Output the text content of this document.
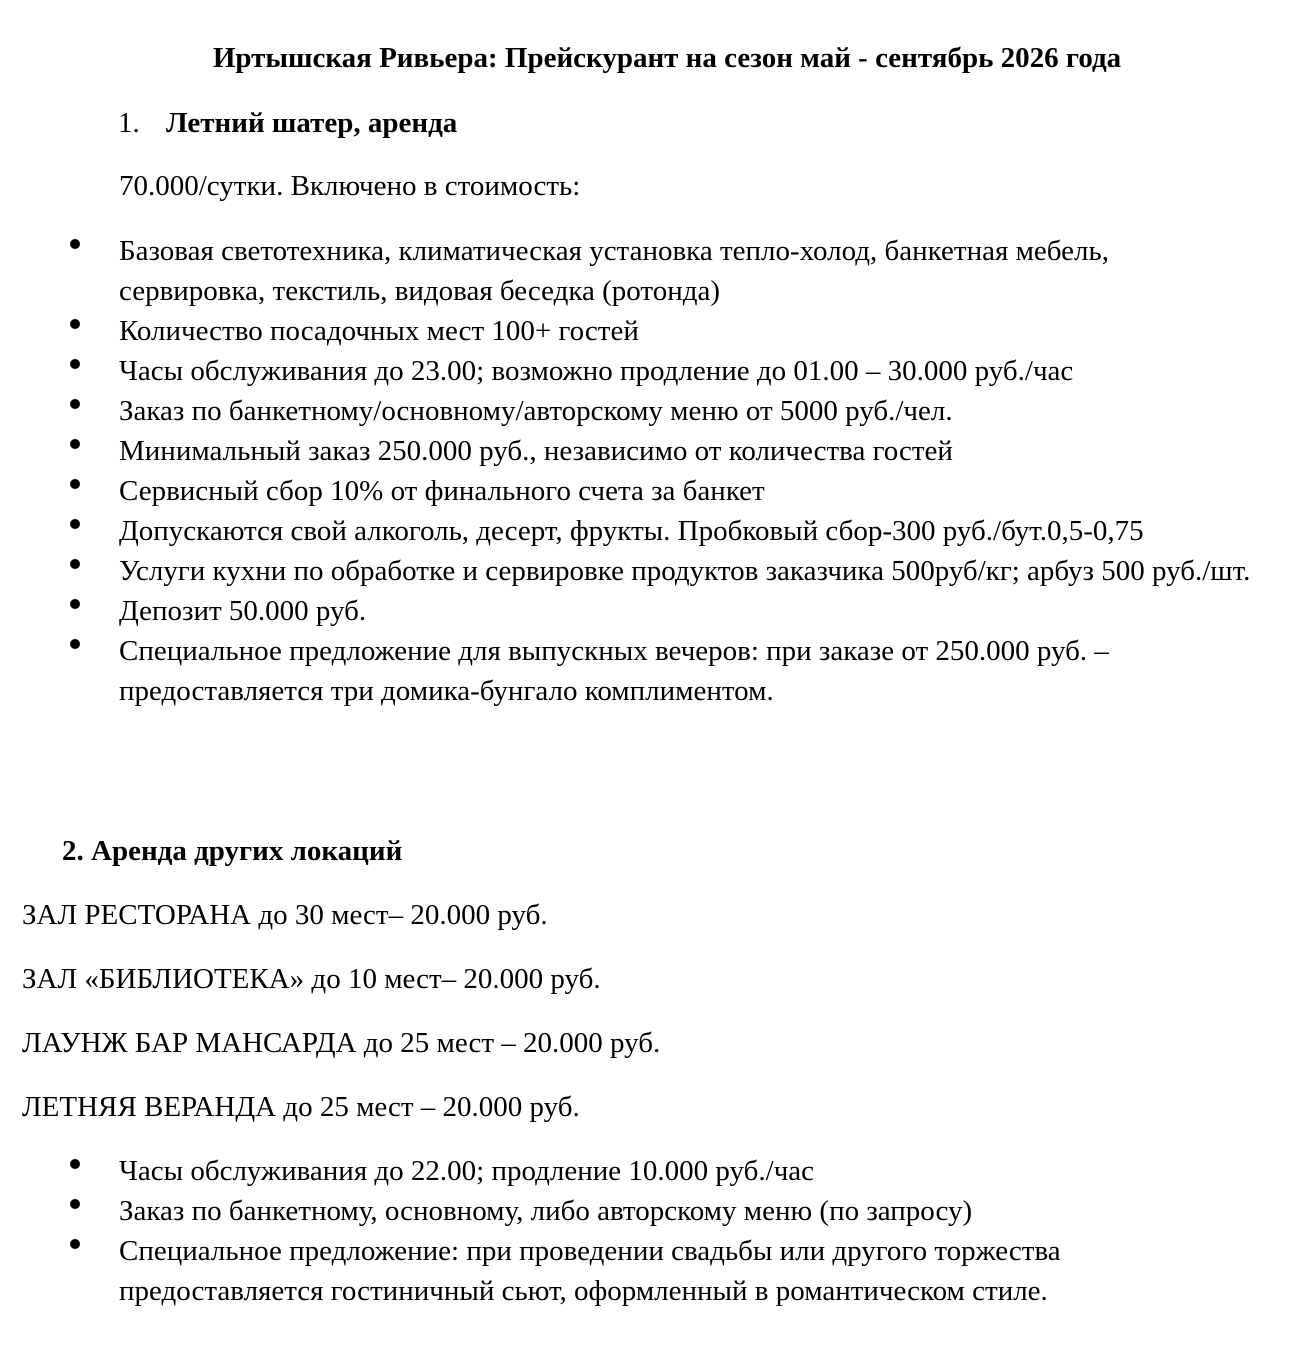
Иртышская Ривьера: Прейскурант на сезон май - сентябрь 2026 года

1. Летний шатер, аренда

70.000/сутки. Включено в стоимость:

Базовая светотехника, климатическая установка тепло-холод, банкетная мебель, сервировка, текстиль, видовая беседка (ротонда)
Количество посадочных мест 100+ гостей
Часы обслуживания до 23.00; возможно продление до 01.00 – 30.000 руб./час
Заказ по банкетному/основному/авторскому меню от 5000 руб./чел.
Минимальный заказ 250.000 руб., независимо от количества гостей
Сервисный сбор 10% от финального счета за банкет
Допускаются свой алкоголь, десерт, фрукты. Пробковый сбор-300 руб./бут.0,5-0,75
Услуги кухни по обработке и сервировке продуктов заказчика 500руб/кг; арбуз 500 руб./шт.
Депозит 50.000 руб.
Специальное предложение для выпускных вечеров: при заказе от 250.000 руб. – предоставляется три домика-бунгало комплиментом.

2. Аренда других локаций

ЗАЛ РЕСТОРАНА до 30 мест– 20.000 руб.

ЗАЛ «БИБЛИОТЕКА» до 10 мест– 20.000 руб.

ЛАУНЖ БАР МАНСАРДА до 25 мест – 20.000 руб.

ЛЕТНЯЯ ВЕРАНДА до 25 мест – 20.000 руб.

Часы обслуживания до 22.00; продление 10.000 руб./час
Заказ по банкетному, основному, либо авторскому меню (по запросу)
Специальное предложение: при проведении свадьбы или другого торжества предоставляется гостиничный сьют, оформленный в романтическом стиле.
